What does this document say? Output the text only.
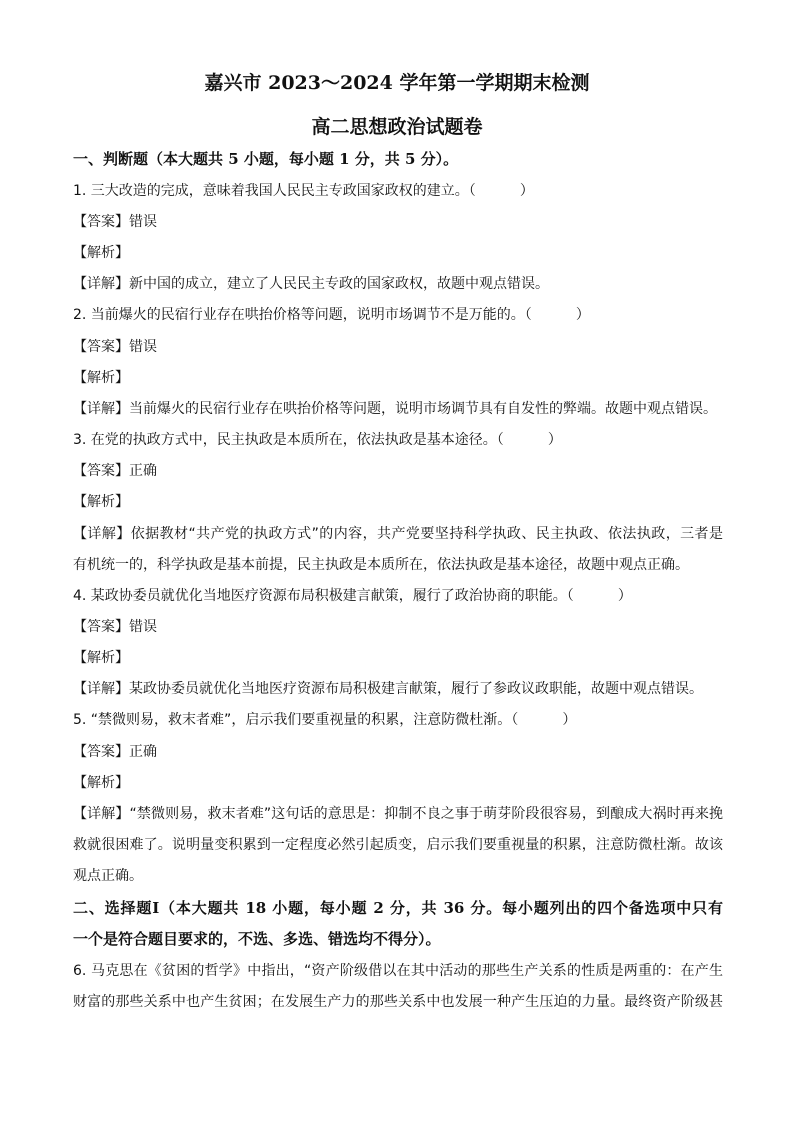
嘉兴市 2023～2024 学年第一学期期末检测
高二思想政治试题卷
一、判断题（本大题共 5 小题，每小题 1 分，共 5 分）。
1. 三大改造的完成，意味着我国人民民主专政国家政权的建立。（	）
【答案】错误
【解析】
【详解】新中国的成立，建立了人民民主专政的国家政权，故题中观点错误。
2. 当前爆火的民宿行业存在哄抬价格等问题，说明市场调节不是万能的。（	）
【答案】错误
【解析】
【详解】当前爆火的民宿行业存在哄抬价格等问题，说明市场调节具有自发性的弊端。故题中观点错误。
3. 在党的执政方式中，民主执政是本质所在，依法执政是基本途径。（	）
【答案】正确
【解析】
【详解】依据教材“共产党的执政方式”的内容，共产党要坚持科学执政、民主执政、依法执政，三者是
有机统一的，科学执政是基本前提，民主执政是本质所在，依法执政是基本途径，故题中观点正确。
4. 某政协委员就优化当地医疗资源布局积极建言献策，履行了政治协商的职能。（	）
【答案】错误
【解析】
【详解】某政协委员就优化当地医疗资源布局积极建言献策，履行了参政议政职能，故题中观点错误。
5. “禁微则易，救末者难”，启示我们要重视量的积累，注意防微杜渐。（	）
【答案】正确
【解析】
【详解】“禁微则易，救末者难”这句话的意思是：抑制不良之事于萌芽阶段很容易，到酿成大祸时再来挽
救就很困难了。说明量变积累到一定程度必然引起质变，启示我们要重视量的积累，注意防微杜渐。故该
观点正确。
二、选择题Ⅰ（本大题共 18 小题，每小题 2 分，共 36 分。每小题列出的四个备选项中只有
一个是符合题目要求的，不选、多选、错选均不得分）。
6. 马克思在《贫困的哲学》中指出，“资产阶级借以在其中活动的那些生产关系的性质是两重的：在产生
财富的那些关系中也产生贫困；在发展生产力的那些关系中也发展一种产生压迫的力量。最终资产阶级甚
